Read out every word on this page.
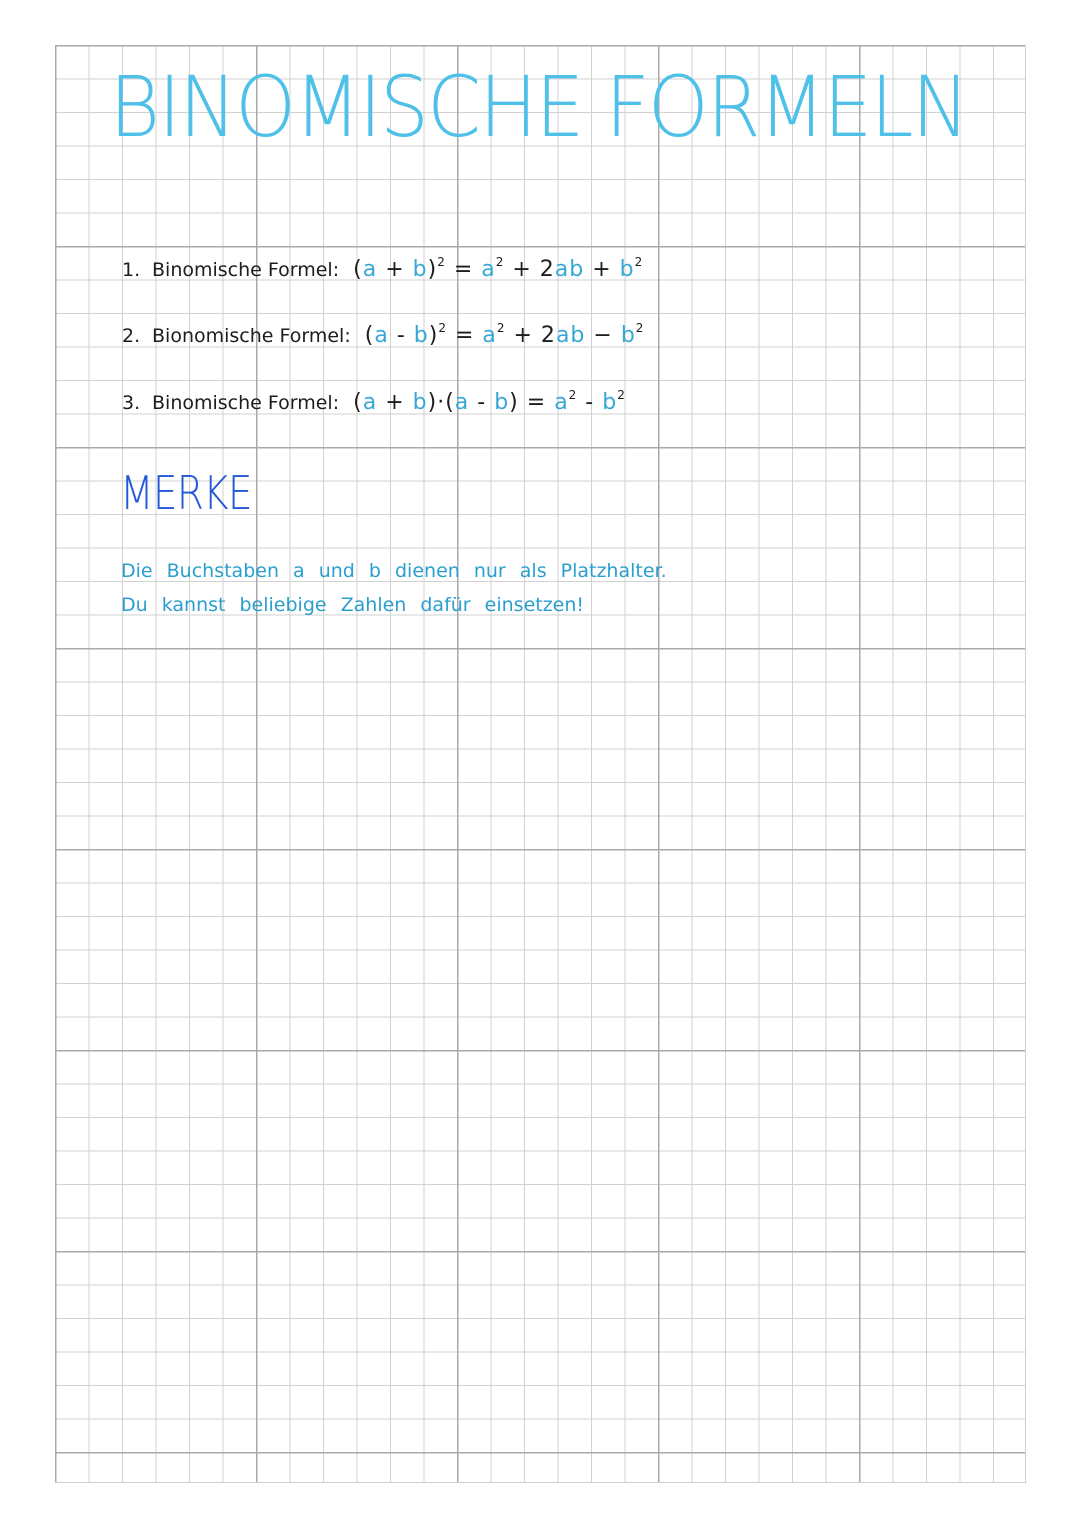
BINOMISCHE FORMELN
1. Binomische Formel: $(a + b)^2 = a^2 + 2ab + b^2$
2. Bionomische Formel: $(a - b)^2 = a^2 + 2ab - b^2$
3. Binomische Formel: $(a + b)\cdot(a - b) = a^2 - b^2$
MERKE
Die Buchstaben a und b dienen nur als Platzhalter.
Du kannst beliebige Zahlen dafür einsetzen!
